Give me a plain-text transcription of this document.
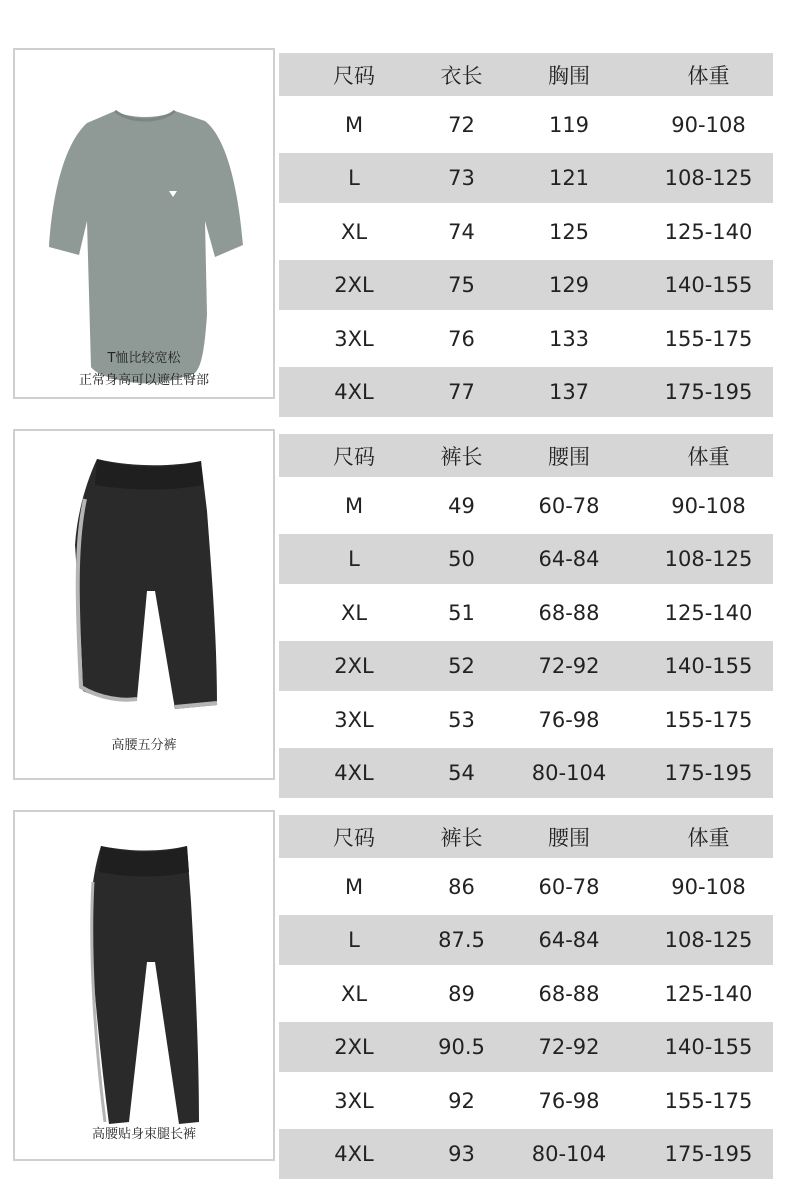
T恤比较宽松
正常身高可以遮住臀部
尺码	衣长	胸围	体重
M	72	119	90-108
L	73	121	108-125
XL	74	125	125-140
2XL	75	129	140-155
3XL	76	133	155-175
4XL	77	137	175-195
高腰五分裤
尺码	裤长	腰围	体重
M	49	60-78	90-108
L	50	64-84	108-125
XL	51	68-88	125-140
2XL	52	72-92	140-155
3XL	53	76-98	155-175
4XL	54	80-104	175-195
高腰贴身束腿长裤
尺码	裤长	腰围	体重
M	86	60-78	90-108
L	87.5	64-84	108-125
XL	89	68-88	125-140
2XL	90.5	72-92	140-155
3XL	92	76-98	155-175
4XL	93	80-104	175-195
